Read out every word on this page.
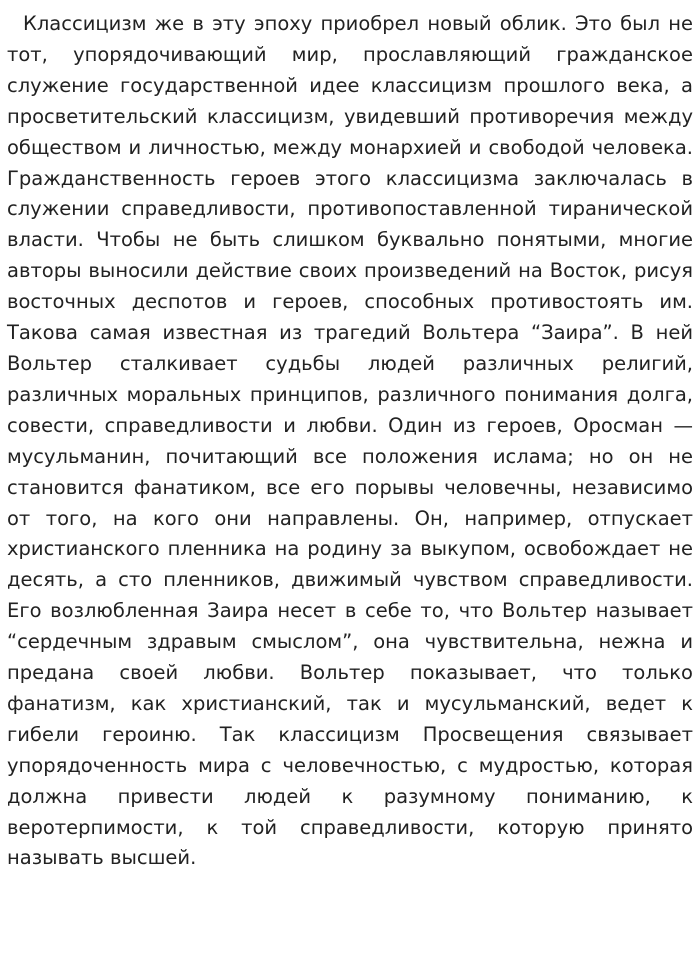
Классицизм же в эту эпоху приобрел новый облик. Это был не тот, упорядочивающий мир, прославляющий гражданское служение государственной идее классицизм прошлого века, а просветительский классицизм, увидевший противоречия между обществом и личностью, между монархией и свободой человека. Гражданственность героев этого классицизма заключалась в служении справедливости, противопоставленной тиранической власти. Чтобы не быть слишком буквально понятыми, многие авторы выносили действие своих произведений на Восток, рисуя восточных деспотов и героев, способных противостоять им. Такова самая известная из трагедий Вольтера “Заира”. В ней Вольтер сталкивает судьбы людей различных религий, различных моральных принципов, различного понимания долга, совести, справедливости и любви. Один из героев, Оросман — мусульманин, почитающий все положения ислама; но он не становится фанатиком, все его порывы человечны, независимо от того, на кого они направлены. Он, например, отпускает христианского пленника на родину за выкупом, освобождает не десять, а сто пленников, движимый чувством справедливости. Его возлюбленная Заира несет в себе то, что Вольтер называет “сердечным здравым смыслом”, она чувствительна, нежна и предана своей любви. Вольтер показывает, что только фанатизм, как христианский, так и мусульманский, ведет к гибели героиню. Так классицизм Просвещения связывает упорядоченность мира с человечностью, с мудростью, которая должна привести людей к разумному пониманию, к веротерпимости, к той справедливости, которую принято называть высшей.
